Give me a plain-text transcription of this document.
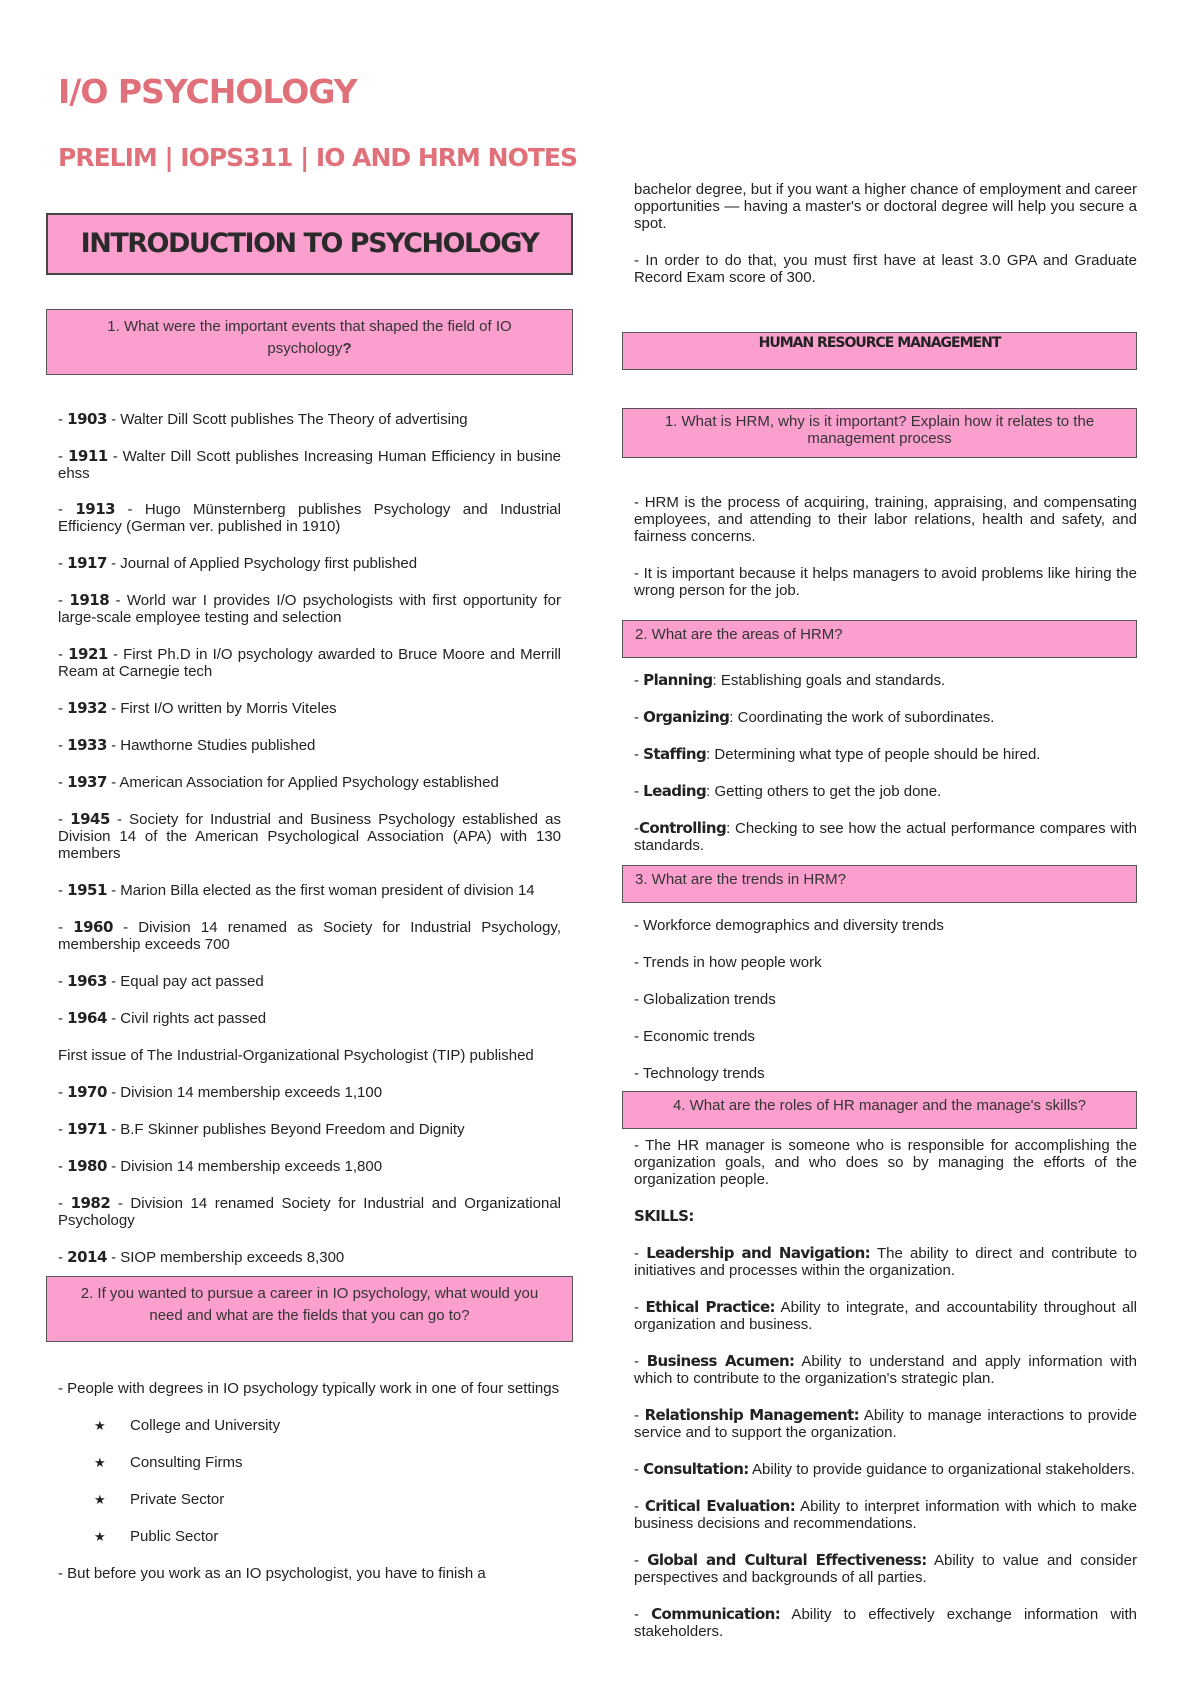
I/O PSYCHOLOGY
PRELIM | IOPS311 | IO AND HRM NOTES
INTRODUCTION TO PSYCHOLOGY
1. What were the important events that shaped the field of IO psychology?

- 1903 - Walter Dill Scott publishes The Theory of advertising

- 1911 - Walter Dill Scott publishes Increasing Human Efficiency in busine ehss

- 1913 - Hugo Münsternberg publishes Psychology and Industrial Efficiency (German ver. published in 1910)

- 1917 - Journal of Applied Psychology first published

- 1918 - World war I provides I/O psychologists with first opportunity for large-scale employee testing and selection

- 1921 - First Ph.D in I/O psychology awarded to Bruce Moore and Merrill Ream at Carnegie tech

- 1932 - First I/O written by Morris Viteles

- 1933 - Hawthorne Studies published

- 1937 - American Association for Applied Psychology established

- 1945 - Society for Industrial and Business Psychology established as Division 14 of the American Psychological Association (APA) with 130 members

- 1951 - Marion Billa elected as the first woman president of division 14

- 1960 - Division 14 renamed as Society for Industrial Psychology, membership exceeds 700

- 1963 - Equal pay act passed

- 1964 - Civil rights act passed

First issue of The Industrial-Organizational Psychologist (TIP) published

- 1970 - Division 14 membership exceeds 1,100

- 1971 - B.F Skinner publishes Beyond Freedom and Dignity

- 1980 - Division 14 membership exceeds 1,800

- 1982 - Division 14 renamed Society for Industrial and Organizational Psychology

- 2014 - SIOP membership exceeds 8,300

2. If you wanted to pursue a career in IO psychology, what would you need and what are the fields that you can go to?

- People with degrees in IO psychology typically work in one of four settings

★ College and University
★ Consulting Firms
★ Private Sector
★ Public Sector

- But before you work as an IO psychologist, you have to finish a

bachelor degree, but if you want a higher chance of employment and career opportunities — having a master's or doctoral degree will help you secure a spot.

- In order to do that, you must first have at least 3.0 GPA and Graduate Record Exam score of 300.

HUMAN RESOURCE MANAGEMENT
1. What is HRM, why is it important? Explain how it relates to the management process

- HRM is the process of acquiring, training, appraising, and compensating employees, and attending to their labor relations, health and safety, and fairness concerns.

- It is important because it helps managers to avoid problems like hiring the wrong person for the job.

2. What are the areas of HRM?

- Planning: Establishing goals and standards.

- Organizing: Coordinating the work of subordinates.

- Staffing: Determining what type of people should be hired.

- Leading: Getting others to get the job done.

-Controlling: Checking to see how the actual performance compares with standards.

3. What are the trends in HRM?

- Workforce demographics and diversity trends

- Trends in how people work

- Globalization trends

- Economic trends

- Technology trends

4. What are the roles of HR manager and the manage's skills?

- The HR manager is someone who is responsible for accomplishing the organization goals, and who does so by managing the efforts of the organization people.

SKILLS:

- Leadership and Navigation: The ability to direct and contribute to initiatives and processes within the organization.

- Ethical Practice: Ability to integrate, and accountability throughout all organization and business.

- Business Acumen: Ability to understand and apply information with which to contribute to the organization's strategic plan.

- Relationship Management: Ability to manage interactions to provide service and to support the organization.

- Consultation: Ability to provide guidance to organizational stakeholders.

- Critical Evaluation: Ability to interpret information with which to make business decisions and recommendations.

- Global and Cultural Effectiveness: Ability to value and consider perspectives and backgrounds of all parties.

- Communication: Ability to effectively exchange information with stakeholders.
